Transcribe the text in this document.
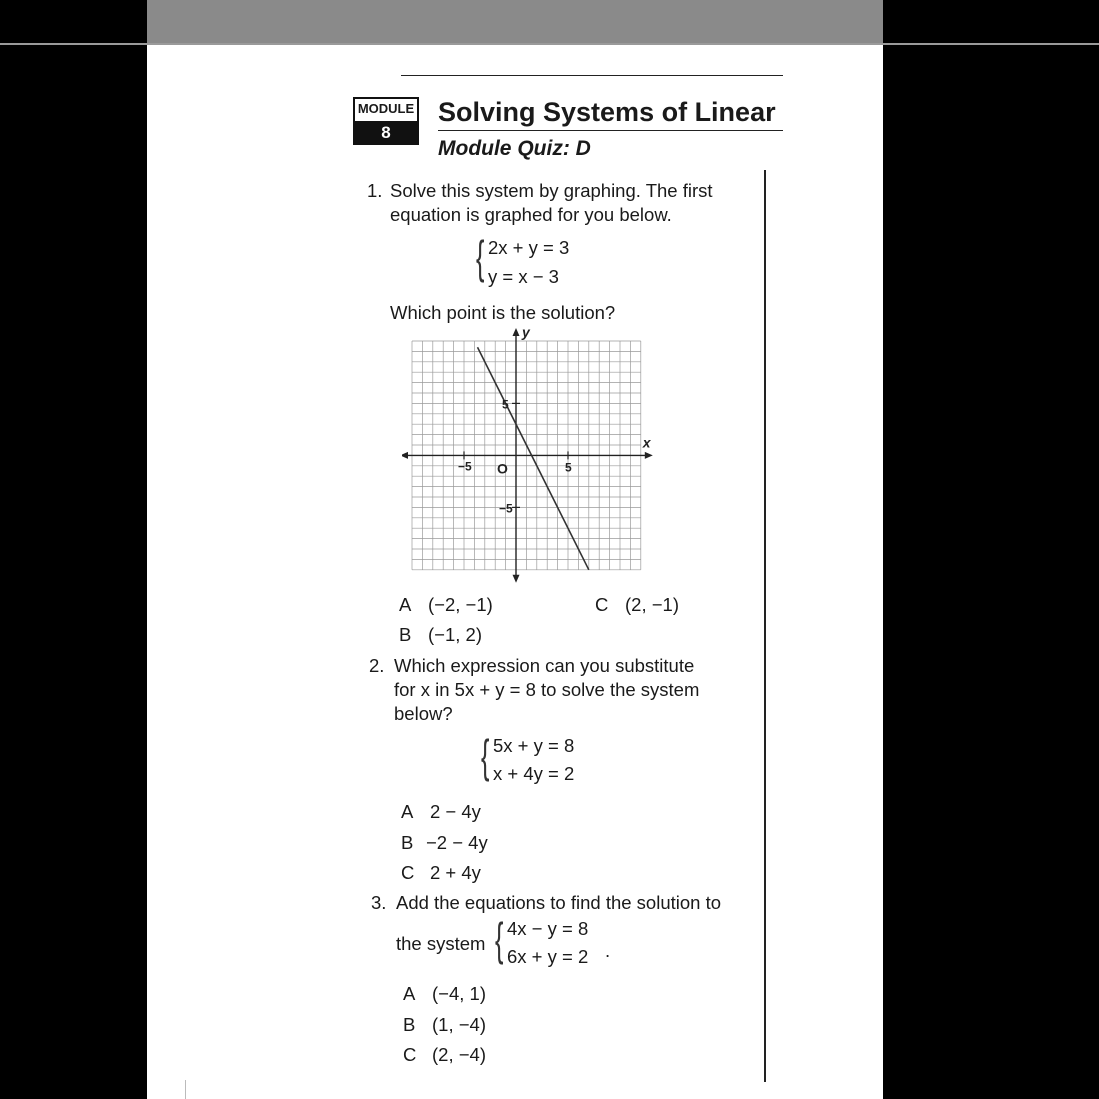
MODULE
8
Solving Systems of Linear
Module Quiz: D
1. Solve this system by graphing. The first
equation is graphed for you below.
{ 2x + y = 3
y = x − 3
Which point is the solution?
x
y
O
−5	5
5
−5
A (−2, −1)
B (−1, 2)
C (2, −1)
2. Which expression can you substitute
for x in 5x + y = 8 to solve the system
below?
{ 5x + y = 8
x + 4y = 2
A 2 − 4y
B −2 − 4y
C 2 + 4y
3. Add the equations to find the solution to
the system { 4x − y = 8
6x + y = 2 .
A (−4, 1)
B (1, −4)
C (2, −4)
